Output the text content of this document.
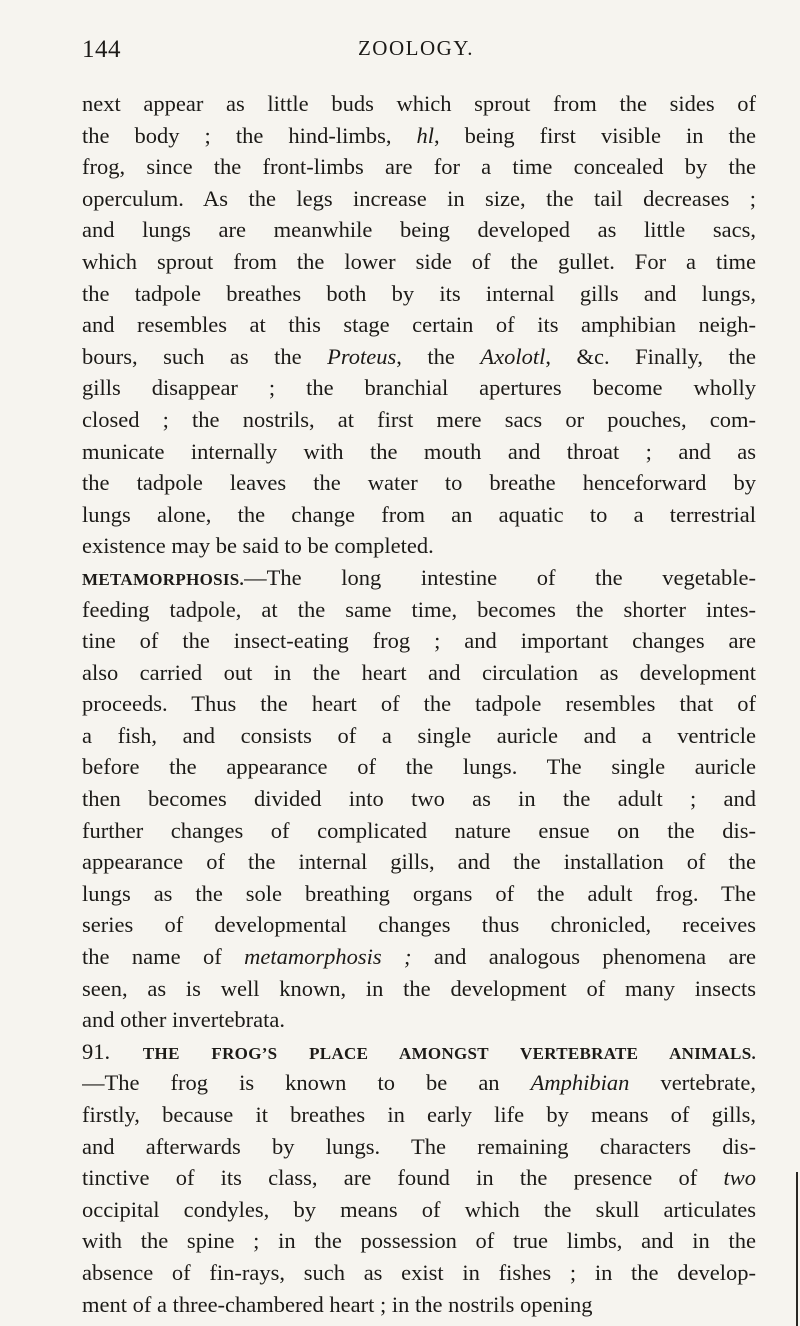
144	ZOOLOGY.
next appear as little buds which sprout from the sides of
the body ; the hind-limbs, hl, being first visible in the
frog, since the front-limbs are for a time concealed by the
operculum. As the legs increase in size, the tail decreases ;
and lungs are meanwhile being developed as little sacs,
which sprout from the lower side of the gullet. For a time
the tadpole breathes both by its internal gills and lungs,
and resembles at this stage certain of its amphibian neigh-
bours, such as the Proteus, the Axolotl, &c. Finally, the
gills disappear ; the branchial apertures become wholly
closed ; the nostrils, at first mere sacs or pouches, com-
municate internally with the mouth and throat ; and as
the tadpole leaves the water to breathe henceforward by
lungs alone, the change from an aquatic to a terrestrial
existence may be said to be completed.
METAMORPHOSIS.—The long intestine of the vegetable-
feeding tadpole, at the same time, becomes the shorter intes-
tine of the insect-eating frog ; and important changes are
also carried out in the heart and circulation as development
proceeds. Thus the heart of the tadpole resembles that of
a fish, and consists of a single auricle and a ventricle
before the appearance of the lungs. The single auricle
then becomes divided into two as in the adult ; and
further changes of complicated nature ensue on the dis-
appearance of the internal gills, and the installation of the
lungs as the sole breathing organs of the adult frog. The
series of developmental changes thus chronicled, receives
the name of metamorphosis ; and analogous phenomena are
seen, as is well known, in the development of many insects
and other invertebrata.
91. THE FROG’S PLACE AMONGST VERTEBRATE ANIMALS.
—The frog is known to be an Amphibian vertebrate,
firstly, because it breathes in early life by means of gills,
and afterwards by lungs. The remaining characters dis-
tinctive of its class, are found in the presence of two
occipital condyles, by means of which the skull articulates
with the spine ; in the possession of true limbs, and in the
absence of fin-rays, such as exist in fishes ; in the develop-
ment of a three-chambered heart ; in the nostrils opening
